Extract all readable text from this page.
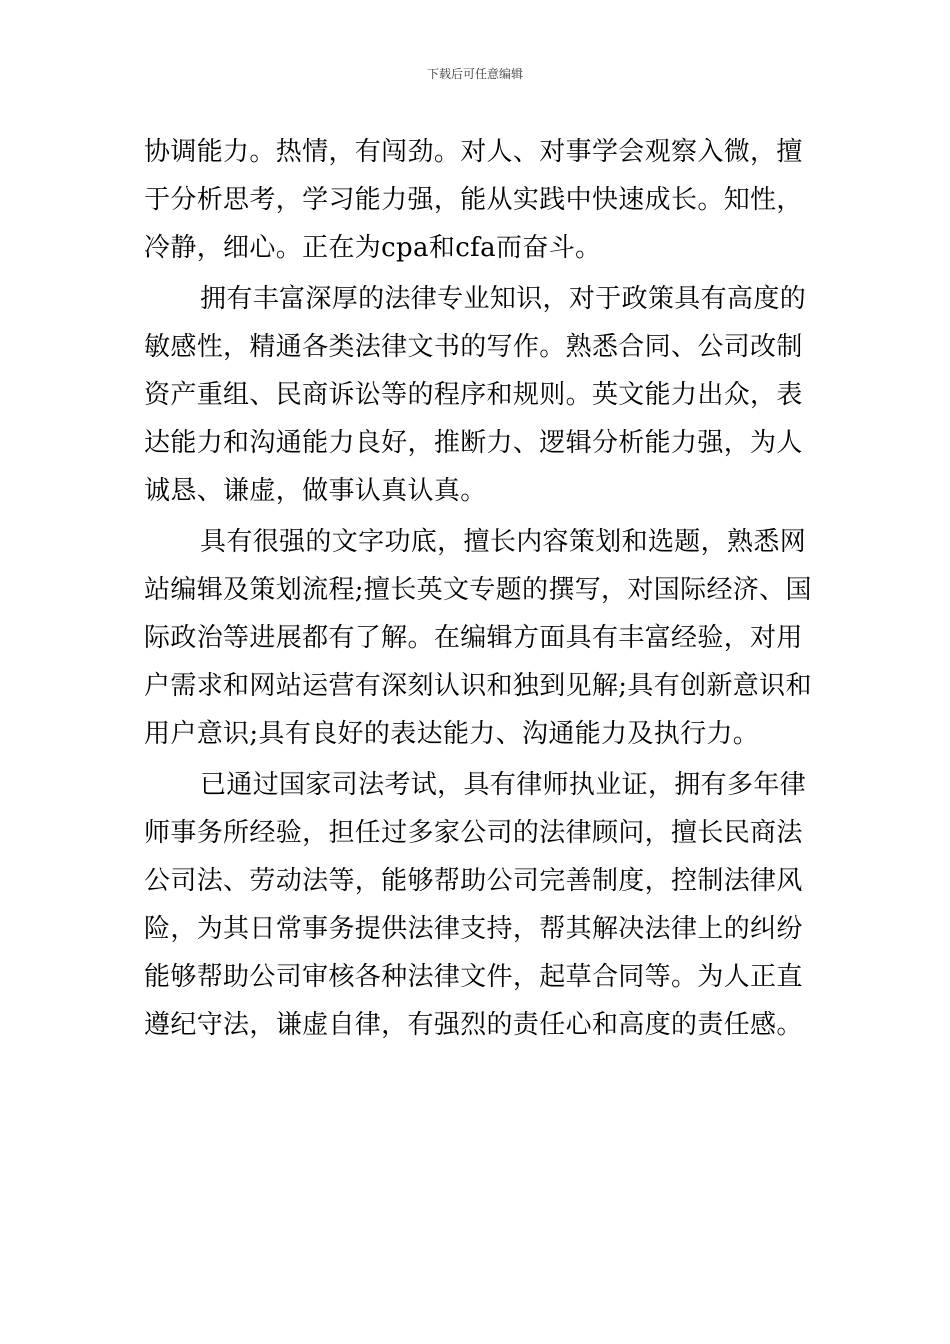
下载后可任意编辑
协调能力。热情，有闯劲。对人、对事学会观察入微，擅
于分析思考，学习能力强，能从实践中快速成长。知性，
冷静，细心。正在为cpa和cfa而奋斗。
拥有丰富深厚的法律专业知识，对于政策具有高度的
敏感性，精通各类法律文书的写作。熟悉合同、公司改制
资产重组、民商诉讼等的程序和规则。英文能力出众，表
达能力和沟通能力良好，推断力、逻辑分析能力强，为人
诚恳、谦虚，做事认真认真。
具有很强的文字功底，擅长内容策划和选题，熟悉网
站编辑及策划流程;擅长英文专题的撰写，对国际经济、国
际政治等进展都有了解。在编辑方面具有丰富经验，对用
户需求和网站运营有深刻认识和独到见解;具有创新意识和
用户意识;具有良好的表达能力、沟通能力及执行力。
已通过国家司法考试，具有律师执业证，拥有多年律
师事务所经验，担任过多家公司的法律顾问，擅长民商法
公司法、劳动法等，能够帮助公司完善制度，控制法律风
险，为其日常事务提供法律支持，帮其解决法律上的纠纷
能够帮助公司审核各种法律文件，起草合同等。为人正直
遵纪守法，谦虚自律，有强烈的责任心和高度的责任感。
